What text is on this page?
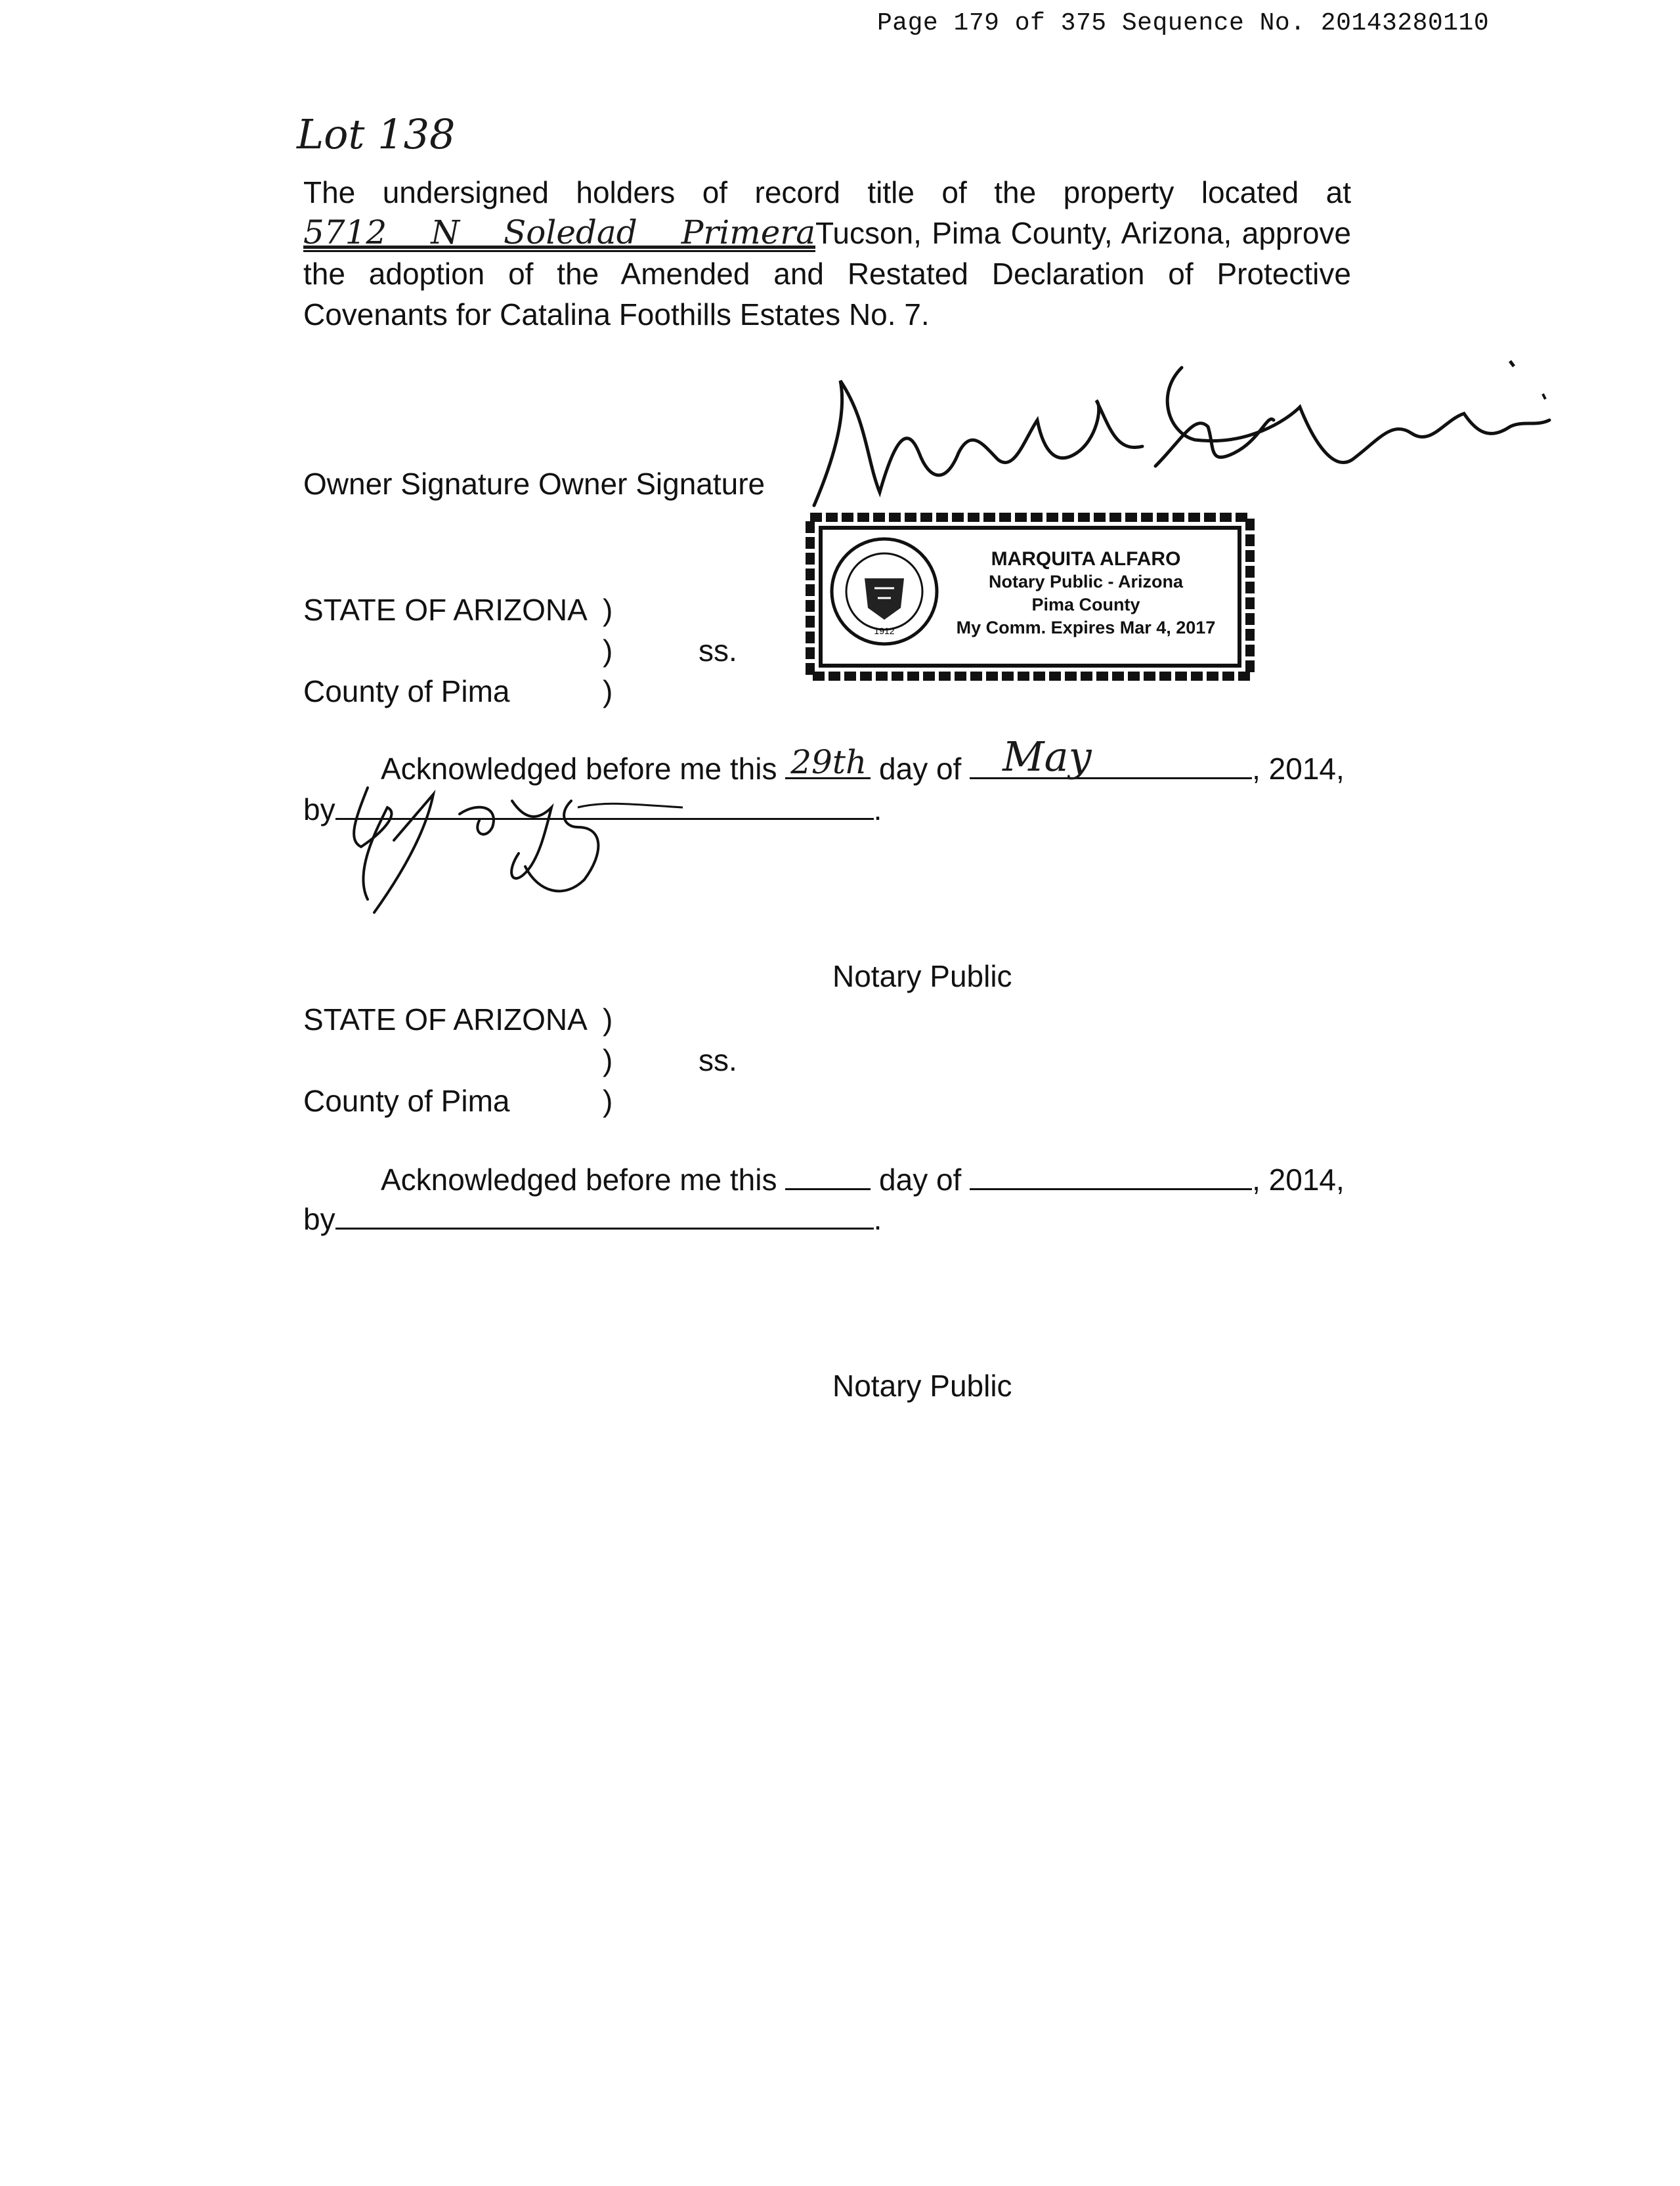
Page 179 of 375 Sequence No. 20143280110
Lot 138
The undersigned holders of record title of the property located at
5712 N Soledad PrimeraTucson, Pima County, Arizona, approve
the adoption of the Amended and Restated Declaration of Protective
Covenants for Catalina Foothills Estates No. 7.
Owner Signature Owner Signature
1912
MARQUITA ALFARO
Notary Public - Arizona
Pima County
My Comm. Expires Mar 4, 2017
STATE OF ARIZONA )
)	ss.
County of Pima	)
Acknowledged before me this 29th day of May	, 2014,
by	.
Notary Public
STATE OF ARIZONA )
)	ss.
County of Pima	)
Acknowledged before me this	day of	, 2014,
by	.
Notary Public
